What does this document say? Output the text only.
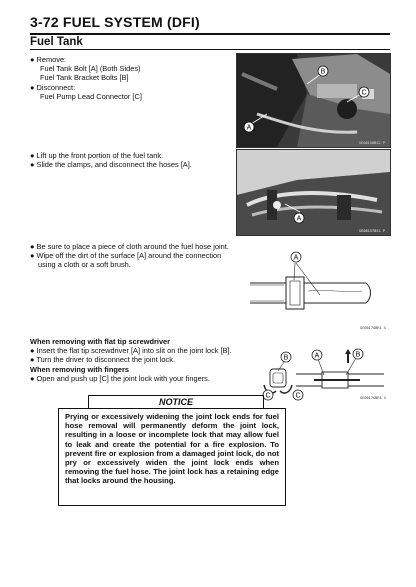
3-72 FUEL SYSTEM (DFI)
Fuel Tank
● Remove:
Fuel Tank Bolt [A] (Both Sides)
Fuel Tank Bracket Bolts [B]
● Disconnect:
Fuel Pump Lead Connector [C]
B
C
A
GE08156BS2 P
● Lift up the front portion of the fuel tank.
● Slide the clamps, and disconnect the hoses [A].
A
GE08157BS1 P
● Be sure to place a piece of cloth around the fuel hose joint.
● Wipe off the dirt of the surface [A] around the connection using a cloth or a soft brush.
A
GE0017GBR1 S
When removing with flat tip screwdriver
● Insert the flat tip screwdriver [A] into slit on the joint lock [B].
● Turn the driver to disconnect the joint lock.
When removing with fingers
● Open and push up [C] the joint lock with your fingers.
B	A	B
C	C	GE0017GBR1 S
NOTICE
Prying or excessively widening the joint lock ends for fuel hose removal will permanently deform the joint lock, resulting in a loose or incomplete lock that may allow fuel to leak and create the potential for a fire explosion. To prevent fire or explosion from a damaged joint lock, do not pry or excessively widen the joint lock ends when removing the fuel hose. The joint lock has a retaining edge that locks around the housing.
